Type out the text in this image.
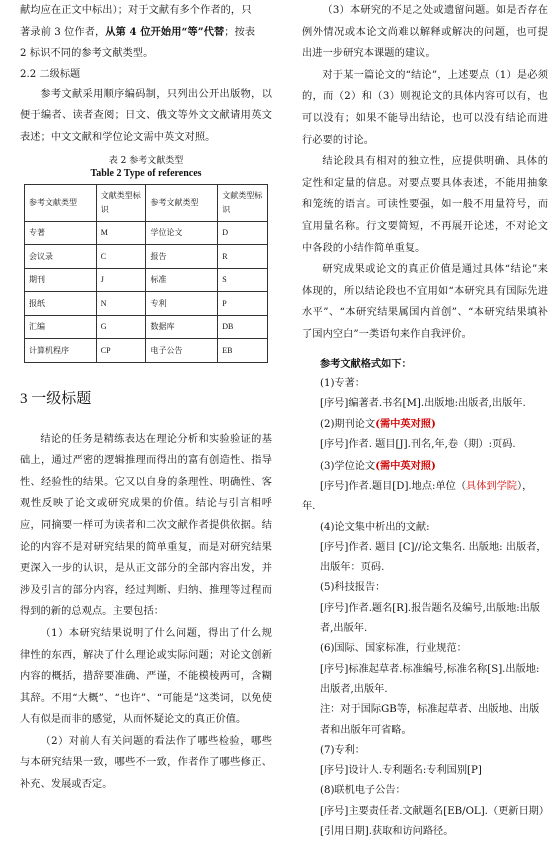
献均应在正文中标出）；对于文献有多个作者的，只
著录前 3 位作者，从第 4 位开始用“等”代替；按表
2 标识不同的参考文献类型。

2.2 二级标题

参考文献采用顺序编码制，只列出公开出版物，以便于编者、读者查阅；日文、俄文等外文文献请用英文表述；中文文献和学位论文需中英文对照。

表 2 参考文献类型

Table 2 Type of references

参考文献类型	文献类型标识	参考文献类型	文献类型标识
专著	M	学位论文	D
会议录	C	报告	R
期刊	J	标准	S
报纸	N	专利	P
汇编	G	数据库	DB
计算机程序	CP	电子公告	EB
3 一级标题

结论的任务是精练表达在理论分析和实验验证的基础上，通过严密的逻辑推理而得出的富有创造性、指导性、经验性的结果。它又以自身的条理性、明确性、客观性反映了论文或研究成果的价值。结论与引言相呼应，同摘要一样可为读者和二次文献作者提供依据。结论的内容不是对研究结果的简单重复，而是对研究结果更深入一步的认识，是从正文部分的全部内容出发，并涉及引言的部分内容，经过判断、归纳、推理等过程而得到的新的总观点。主要包括：

（1）本研究结果说明了什么问题，得出了什么规律性的东西，解决了什么理论或实际问题；对论文创新内容的概括，措辞要准确、严谨，不能模棱两可，含糊其辞。不用“大概”、“也许”、“可能是”这类词，以免使人有似是而非的感觉，从而怀疑论文的真正价值。

（2）对前人有关问题的看法作了哪些检验，哪些与本研究结果一致，哪些不一致，作者作了哪些修正、补充、发展或否定。

（3）本研究的不足之处或遗留问题。如是否存在例外情况或本论文尚难以解释或解决的问题，也可提出进一步研究本课题的建议。

对于某一篇论文的“结论”，上述要点（1）是必须的，而（2）和（3）则视论文的具体内容可以有，也可以没有；如果不能导出结论，也可以没有结论而进行必要的讨论。

结论段具有相对的独立性，应提供明确、具体的定性和定量的信息。对要点要具体表述，不能用抽象和笼统的语言。可读性要强，如一般不用量符号，而宜用量名称。行文要简短，不再展开论述，不对论文中各段的小结作简单重复。

研究成果或论文的真正价值是通过具体“结论”来体现的，所以结论段也不宜用如“本研究具有国际先进水平”、“本研究结果属国内首创”、“本研究结果填补了国内空白”一类语句来作自我评价。

参考文献格式如下：

(1)专著：

[序号]编著者.书名[M].出版地:出版者,出版年.

(2)期刊论文(需中英对照)

[序号]作者. 题目[J].刊名,年,卷（期）:页码.

(3)学位论文(需中英对照)

[序号]作者.题目[D].地点:单位（具体到学院），

年.

(4)论文集中析出的文献:

[序号]作者. 题目 [C]//论文集名. 出版地: 出版者，出版年：页码.

(5)科技报告：

[序号]作者.题名[R].报告题名及编号,出版地:出版者,出版年.

(6)国际、国家标准，行业规范：

[序号]标准起草者.标准编号,标准名称[S].出版地: 出版者,出版年.

注：对于国际GB等，标准起草者、出版地、出版者和出版年可省略。

(7)专利：

[序号]设计人.专利题名:专利国别[P]

(8)联机电子公告：

[序号]主要责任者.文献题名[EB/OL].（更新日期）[引用日期].获取和访问路径。
